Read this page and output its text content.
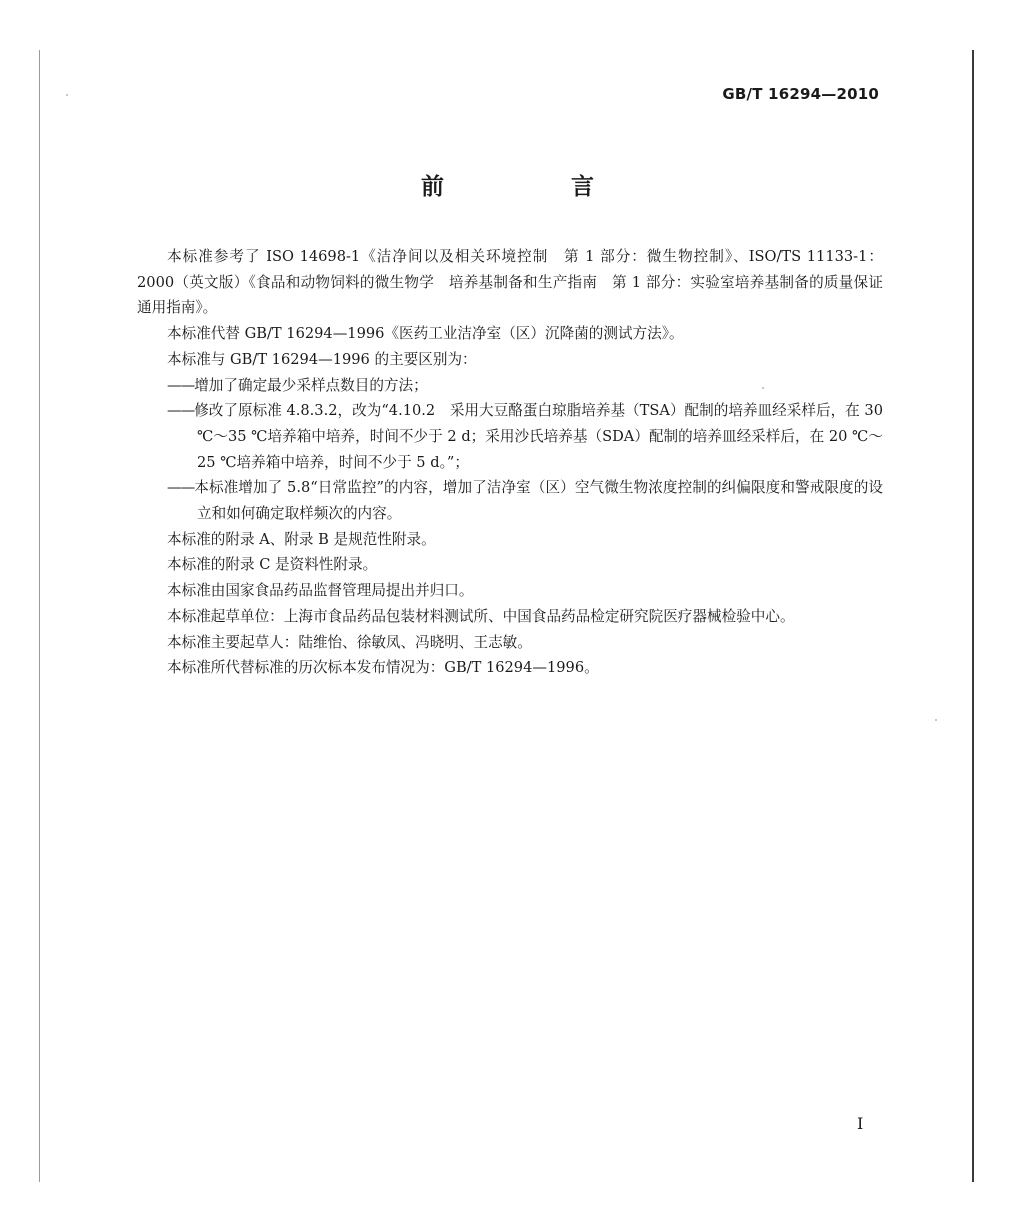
GB/T 16294—2010
前　言

本标准参考了 ISO 14698-1《洁净间以及相关环境控制　第 1 部分：微生物控制》、ISO/TS 11133-1：2000（英文版）《食品和动物饲料的微生物学　培养基制备和生产指南　第 1 部分：实验室培养基制备的质量保证通用指南》。

本标准代替 GB/T 16294—1996《医药工业洁净室（区）沉降菌的测试方法》。

本标准与 GB/T 16294—1996 的主要区别为：

——增加了确定最少采样点数目的方法；

——修改了原标准 4.8.3.2，改为“4.10.2　采用大豆酪蛋白琼脂培养基（TSA）配制的培养皿经采样后，在 30 ℃～35 ℃培养箱中培养，时间不少于 2 d；采用沙氏培养基（SDA）配制的培养皿经采样后，在 20 ℃～25 ℃培养箱中培养，时间不少于 5 d。”；

——本标准增加了 5.8“日常监控”的内容，增加了洁净室（区）空气微生物浓度控制的纠偏限度和警戒限度的设立和如何确定取样频次的内容。

本标准的附录 A、附录 B 是规范性附录。

本标准的附录 C 是资料性附录。

本标准由国家食品药品监督管理局提出并归口。

本标准起草单位：上海市食品药品包装材料测试所、中国食品药品检定研究院医疗器械检验中心。

本标准主要起草人：陆维怡、徐敏凤、冯晓明、王志敏。

本标准所代替标准的历次标本发布情况为：GB/T 16294—1996。

I
